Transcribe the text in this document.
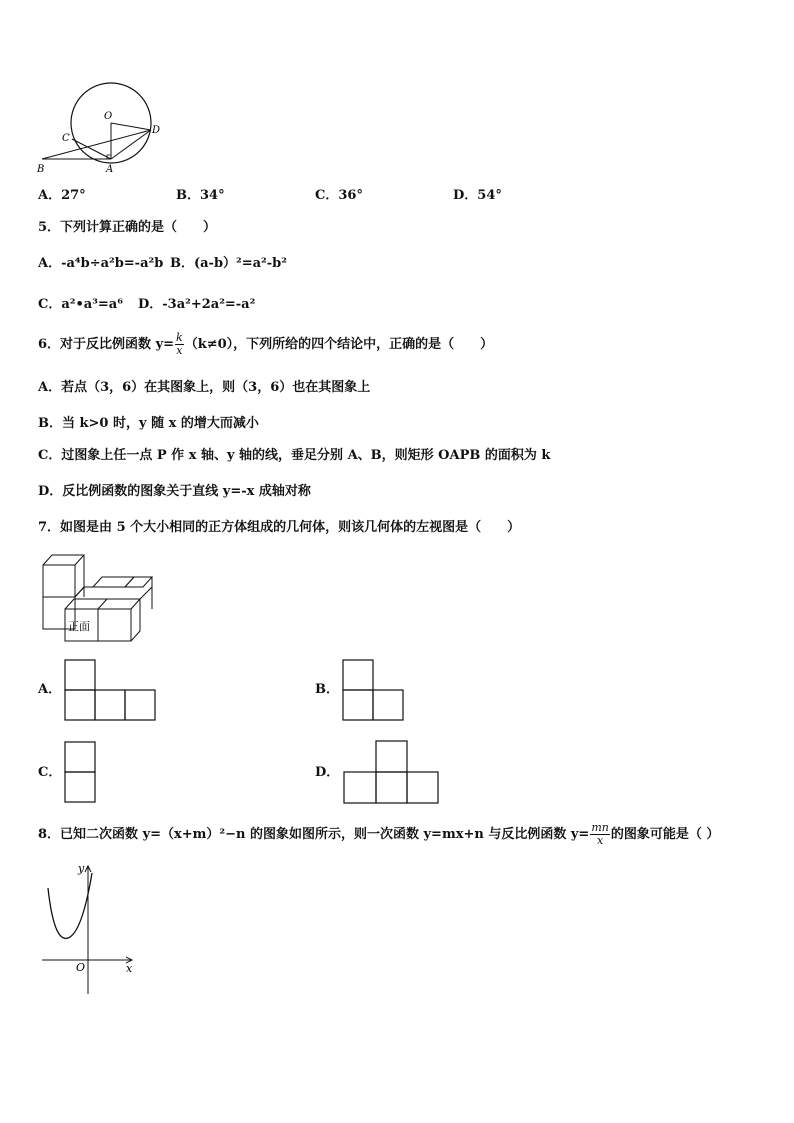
O
C
D
B	A
A．27°	B．34°	C．36°	D．54°
5．下列计算正确的是（　　）
A．-a⁴b÷a²b=-a²b B．(a-b）²=a²-b²
C．a²•a³=a⁶ D．-3a²+2a²=-a²
6．对于反比例函数 $y= \frac{k}{x} (k\ne 0)$，下列所给的四个结论中，正确的是（　　）
A．若点（3，6）在其图象上，则（3，6）也在其图象上
B．当 k>0 时，y 随 x 的增大而减小
C．过图象上任一点 P 作 x 轴、y 轴的线，垂足分别 A、B，则矩形 OAPB 的面积为 k
D．反比例函数的图象关于直线 y=-x 成轴对称
7．如图是由 5 个大小相同的正方体组成的几何体，则该几何体的左视图是（　　）
正面
A．	B．
C．	D．
8．已知二次函数 y=（x+m）²−n 的图象如图所示，则一次函数 y=mx+n 与反比例函数 $y= \frac{mn}{x}$ 的图象可能是（ ）
y
x
O
